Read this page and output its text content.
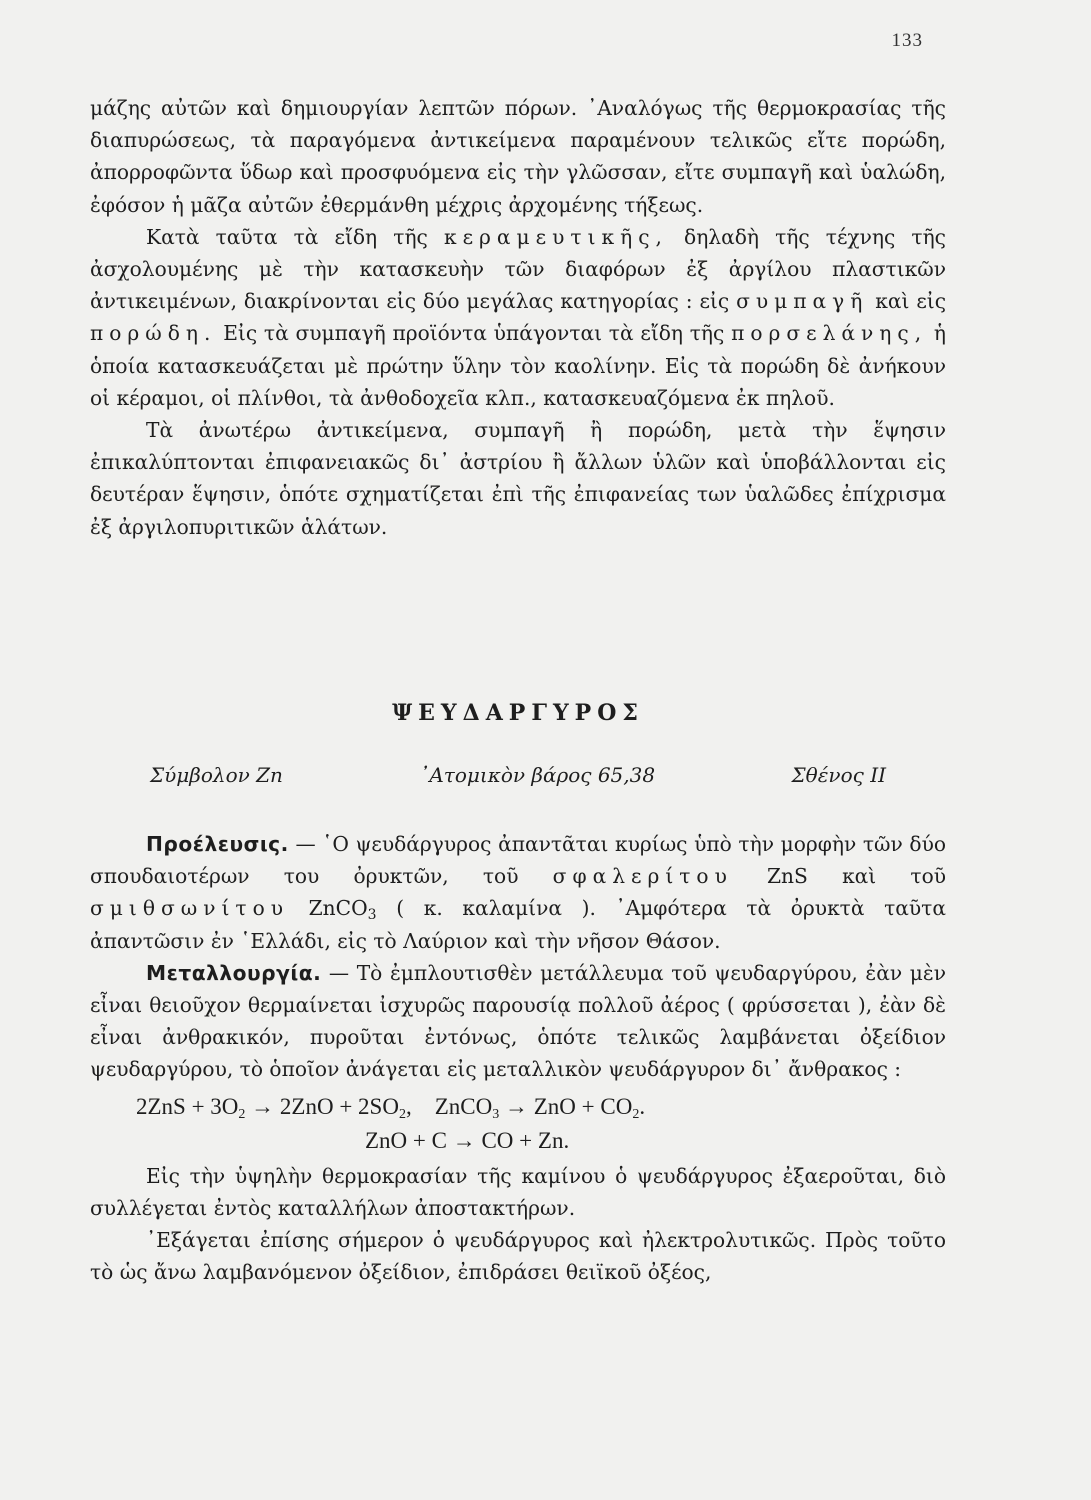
133

μάζης αὐτῶν καὶ δημιουργίαν λεπτῶν πόρων. ᾿Αναλόγως τῆς θερμοκρασίας τῆς διαπυρώσεως, τὰ παραγόμενα ἀντικείμενα παραμένουν τελικῶς εἴτε πορώδη, ἀπορροφῶντα ὕδωρ καὶ προσφυόμενα εἰς τὴν γλῶσσαν, εἴτε συμπαγῆ καὶ ὑαλώδη, ἐφόσον ἡ μᾶζα αὐτῶν ἐθερμάνθη μέχρις ἀρχομένης τήξεως.

Κατὰ ταῦτα τὰ εἴδη τῆς κεραμευτικῆς, δηλαδὴ τῆς τέχνης τῆς ἀσχολουμένης μὲ τὴν κατασκευὴν τῶν διαφόρων ἐξ ἀργίλου πλαστικῶν ἀντικειμένων, διακρίνονται εἰς δύο μεγάλας κατηγορίας : εἰς συμπαγῆ καὶ εἰς πορώδη. Εἰς τὰ συμπαγῆ προϊόντα ὑπάγονται τὰ εἴδη τῆς πορσελάνης, ἡ ὁποία κατασκευάζεται μὲ πρώτην ὕλην τὸν καολίνην. Εἰς τὰ πορώδη δὲ ἀνήκουν οἱ κέραμοι, οἱ πλίνθοι, τὰ ἀνθοδοχεῖα κλπ., κατασκευαζόμενα ἐκ πηλοῦ.

Τὰ ἀνωτέρω ἀντικείμενα, συμπαγῆ ἢ πορώδη, μετὰ τὴν ἕψησιν ἐπικαλύπτονται ἐπιφανειακῶς δι᾿ ἀστρίου ἢ ἄλλων ὑλῶν καὶ ὑποβάλλονται εἰς δευτέραν ἕψησιν, ὁπότε σχηματίζεται ἐπὶ τῆς ἐπιφανείας των ὑαλῶδες ἐπίχρισμα ἐξ ἀργιλοπυριτικῶν ἁλάτων.

ΨΕΥΔΑΡΓΥΡΟΣ
Σύμβολον Zn	᾿Ατομικὸν βάρος 65,38	Σθένος II

Προέλευσις. — ῾Ο ψευδάργυρος ἀπαντᾶται κυρίως ὑπὸ τὴν μορφὴν τῶν δύο σπουδαιοτέρων του ὀρυκτῶν, τοῦ σφαλερίτου ZnS καὶ τοῦ σμιθσωνίτου ZnCO$_3$ ( κ. καλαμίνα ). ᾿Αμφότερα τὰ ὀρυκτὰ ταῦτα ἀπαντῶσιν ἐν ῾Ελλάδι, εἰς τὸ Λαύριον καὶ τὴν νῆσον Θάσον.

Μεταλλουργία. — Τὸ ἐμπλουτισθὲν μετάλλευμα τοῦ ψευδαργύρου, ἐὰν μὲν εἶναι θειοῦχον θερμαίνεται ἰσχυρῶς παρουσίᾳ πολλοῦ ἀέρος ( φρύσσεται ), ἐὰν δὲ εἶναι ἀνθρακικόν, πυροῦται ἐντόνως, ὁπότε τελικῶς λαμβάνεται ὀξείδιον ψευδαργύρου, τὸ ὁποῖον ἀνάγεται εἰς μεταλλικὸν ψευδάργυρον δι᾿ ἄνθρακος :

$2ZnS + 3O_2 \to 2ZnO + 2SO_2$, ZnCO$_3$ → ZnO + $CO_2$.
ZnO + C → CO + Zn.

Εἰς τὴν ὑψηλὴν θερμοκρασίαν τῆς καμίνου ὁ ψευδάργυρος ἐξαεροῦται, διὸ συλλέγεται ἐντὸς καταλλήλων ἀποστακτήρων.

᾿Εξάγεται ἐπίσης σήμερον ὁ ψευδάργυρος καὶ ἠλεκτρολυτικῶς. Πρὸς τοῦτο τὸ ὡς ἄνω λαμβανόμενον ὀξείδιον, ἐπιδράσει θειϊκοῦ ὀξέος,
